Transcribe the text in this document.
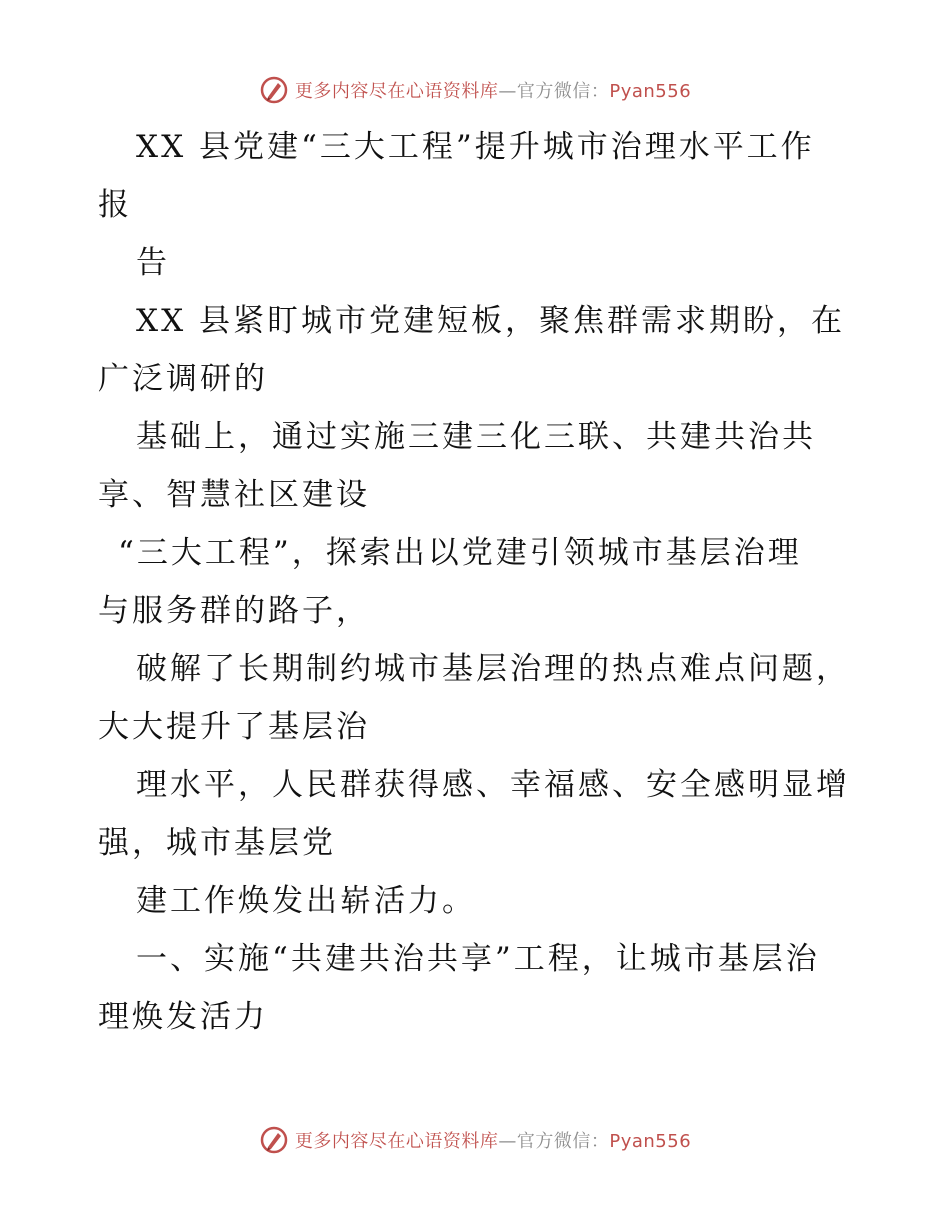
更多内容尽在心语资料库—官方微信：Pyan556
XX 县党建“三大工程”提升城市治理水平工作
报
告
XX 县紧盯城市党建短板，聚焦群需求期盼，在
广泛调研的
基础上，通过实施三建三化三联、共建共治共
享、智慧社区建设
“三大工程”，探索出以党建引领城市基层治理
与服务群的路子，
破解了长期制约城市基层治理的热点难点问题，
大大提升了基层治
理水平，人民群获得感、幸福感、安全感明显增
强，城市基层党
建工作焕发出崭活力。
一、实施“共建共治共享”工程，让城市基层治
理焕发活力
更多内容尽在心语资料库—官方微信：Pyan556
